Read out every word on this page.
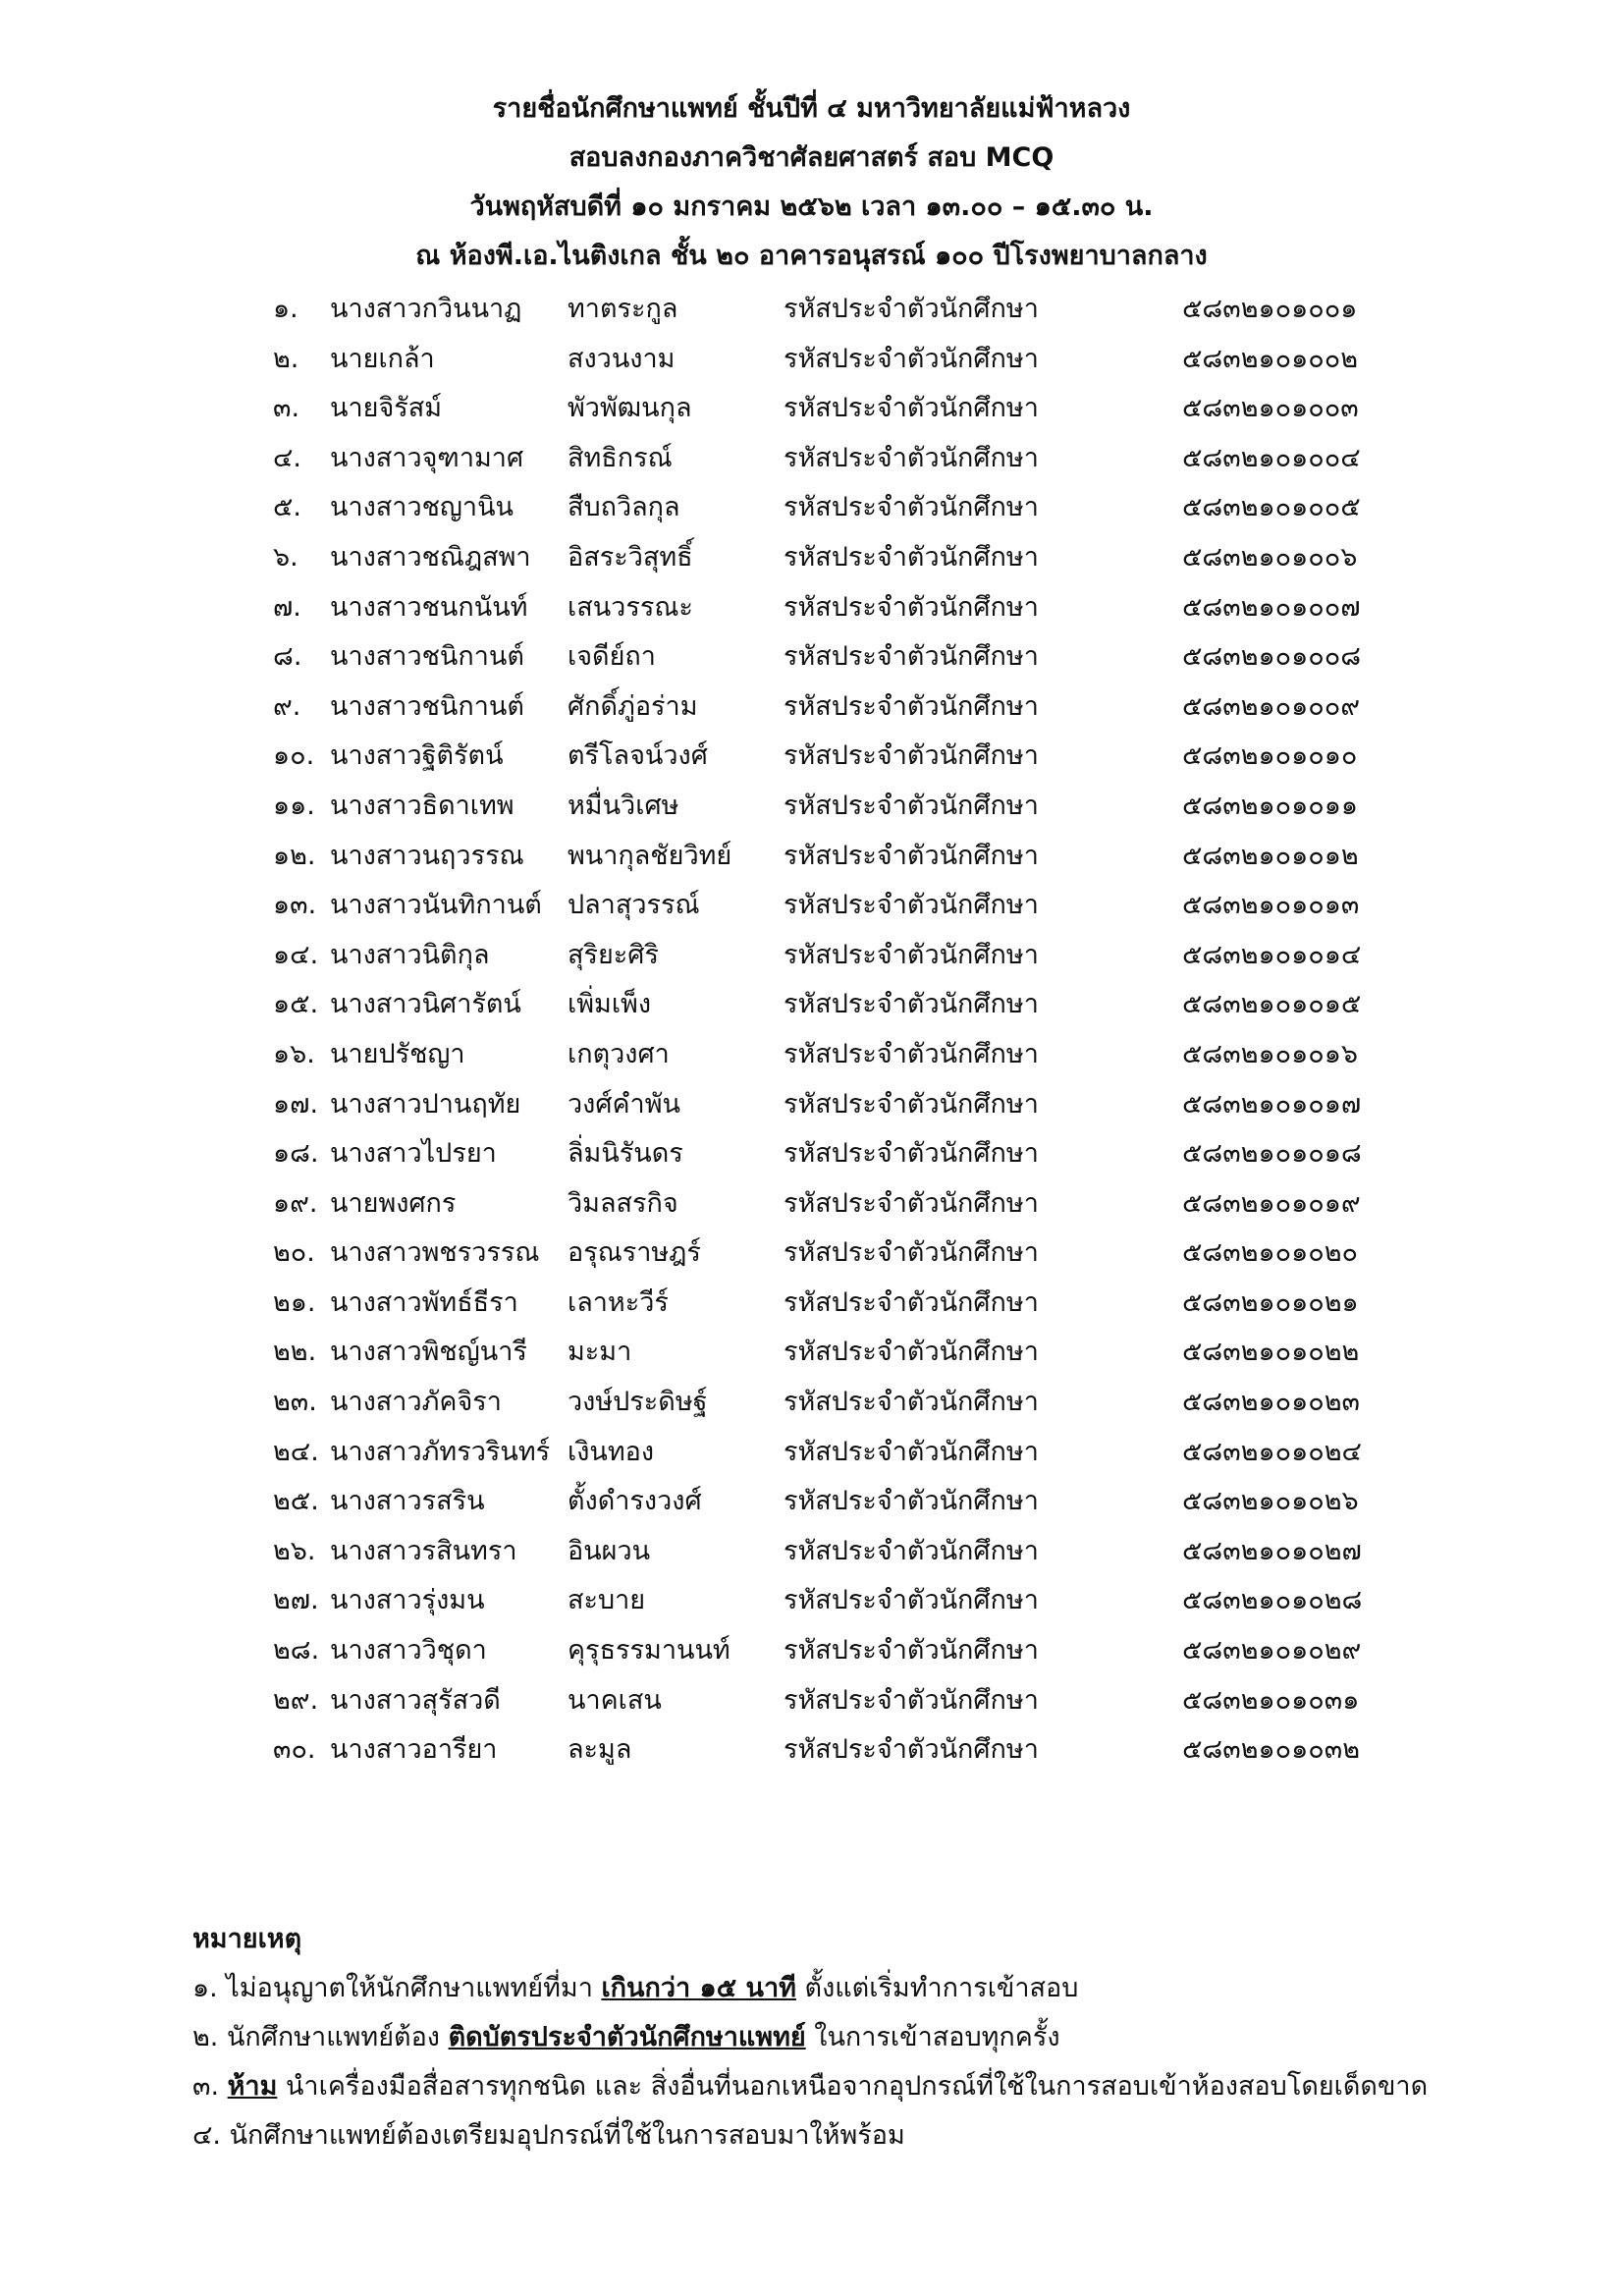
รายชื่อนักศึกษาแพทย์ ชั้นปีที่ ๔ มหาวิทยาลัยแม่ฟ้าหลวง
สอบลงกองภาควิชาศัลยศาสตร์ สอบ MCQ
วันพฤหัสบดีที่ ๑๐ มกราคม ๒๕๖๒ เวลา ๑๓.๐๐ – ๑๕.๓๐ น.
ณ ห้องพี.เอ.ไนติงเกล ชั้น ๒๐ อาคารอนุสรณ์ ๑๐๐ ปีโรงพยาบาลกลาง
๑. นางสาวกวินนาฏ ทาตระกูล	รหัสประจำตัวนักศึกษา	๕๘๓๒๑๐๑๐๐๑
๒. นายเกล้า	สงวนงาม	รหัสประจำตัวนักศึกษา	๕๘๓๒๑๐๑๐๐๒
๓. นายจิรัสม์	พัวพัฒนกุล	รหัสประจำตัวนักศึกษา	๕๘๓๒๑๐๑๐๐๓
๔. นางสาวจุฑามาศ สิทธิกรณ์	รหัสประจำตัวนักศึกษา	๕๘๓๒๑๐๑๐๐๔
๕. นางสาวชญานิน สืบถวิลกุล	รหัสประจำตัวนักศึกษา	๕๘๓๒๑๐๑๐๐๕
๖. นางสาวชณิฎสพา อิสระวิสุทธิ์	รหัสประจำตัวนักศึกษา	๕๘๓๒๑๐๑๐๐๖
๗. นางสาวชนกนันท์ เสนวรรณะ	รหัสประจำตัวนักศึกษา	๕๘๓๒๑๐๑๐๐๗
๘. นางสาวชนิกานต์ เจดีย์ถา	รหัสประจำตัวนักศึกษา	๕๘๓๒๑๐๑๐๐๘
๙. นางสาวชนิกานต์ ศักดิ์ภู่อร่าม	รหัสประจำตัวนักศึกษา	๕๘๓๒๑๐๑๐๐๙
๑๐. นางสาวฐิติรัตน์ ตรีโลจน์วงศ์	รหัสประจำตัวนักศึกษา	๕๘๓๒๑๐๑๐๑๐
๑๑. นางสาวธิดาเทพ หมื่นวิเศษ	รหัสประจำตัวนักศึกษา	๕๘๓๒๑๐๑๐๑๑
๑๒. นางสาวนฤวรรณ พนากุลชัยวิทย์ รหัสประจำตัวนักศึกษา	๕๘๓๒๑๐๑๐๑๒
๑๓. นางสาวนันทิกานต์ ปลาสุวรรณ์	รหัสประจำตัวนักศึกษา	๕๘๓๒๑๐๑๐๑๓
๑๔. นางสาวนิติกุล	สุริยะศิริ	รหัสประจำตัวนักศึกษา	๕๘๓๒๑๐๑๐๑๔
๑๕. นางสาวนิศารัตน์ เพิ่มเพ็ง	รหัสประจำตัวนักศึกษา	๕๘๓๒๑๐๑๐๑๕
๑๖. นายปรัชญา	เกตุวงศา	รหัสประจำตัวนักศึกษา	๕๘๓๒๑๐๑๐๑๖
๑๗. นางสาวปานฤทัย วงศ์คำพัน	รหัสประจำตัวนักศึกษา	๕๘๓๒๑๐๑๐๑๗
๑๘. นางสาวไปรยา	ลิ่มนิรันดร	รหัสประจำตัวนักศึกษา	๕๘๓๒๑๐๑๐๑๘
๑๙. นายพงศกร	วิมลสรกิจ	รหัสประจำตัวนักศึกษา	๕๘๓๒๑๐๑๐๑๙
๒๐. นางสาวพชรวรรณ อรุณราษฎร์	รหัสประจำตัวนักศึกษา	๕๘๓๒๑๐๑๐๒๐
๒๑. นางสาวพัทธ์ธีรา เลาหะวีร์	รหัสประจำตัวนักศึกษา	๕๘๓๒๑๐๑๐๒๑
๒๒. นางสาวพิชญ์นารี มะมา	รหัสประจำตัวนักศึกษา	๕๘๓๒๑๐๑๐๒๒
๒๓. นางสาวภัคจิรา วงษ์ประดิษฐ์	รหัสประจำตัวนักศึกษา	๕๘๓๒๑๐๑๐๒๓
๒๔. นางสาวภัทรวรินทร์ เงินทอง	รหัสประจำตัวนักศึกษา	๕๘๓๒๑๐๑๐๒๔
๒๕. นางสาวรสริน	ตั้งดำรงวงศ์	รหัสประจำตัวนักศึกษา	๕๘๓๒๑๐๑๐๒๖
๒๖. นางสาวรสินทรา อินผวน	รหัสประจำตัวนักศึกษา	๕๘๓๒๑๐๑๐๒๗
๒๗. นางสาวรุ่งมน	สะบาย	รหัสประจำตัวนักศึกษา	๕๘๓๒๑๐๑๐๒๘
๒๘. นางสาววิชุดา	คุรุธรรมานนท์ รหัสประจำตัวนักศึกษา	๕๘๓๒๑๐๑๐๒๙
๒๙. นางสาวสุรัสวดี	นาคเสน	รหัสประจำตัวนักศึกษา	๕๘๓๒๑๐๑๐๓๑
๓๐. นางสาวอารียา	ละมูล	รหัสประจำตัวนักศึกษา	๕๘๓๒๑๐๑๐๓๒
หมายเหตุ
๑. ไม่อนุญาตให้นักศึกษาแพทย์ที่มา เกินกว่า ๑๕ นาที ตั้งแต่เริ่มทำการเข้าสอบ
๒. นักศึกษาแพทย์ต้อง ติดบัตรประจำตัวนักศึกษาแพทย์ ในการเข้าสอบทุกครั้ง
๓. ห้าม นำเครื่องมือสื่อสารทุกชนิด และ สิ่งอื่นที่นอกเหนือจากอุปกรณ์ที่ใช้ในการสอบเข้าห้องสอบโดยเด็ดขาด
๔. นักศึกษาแพทย์ต้องเตรียมอุปกรณ์ที่ใช้ในการสอบมาให้พร้อม
